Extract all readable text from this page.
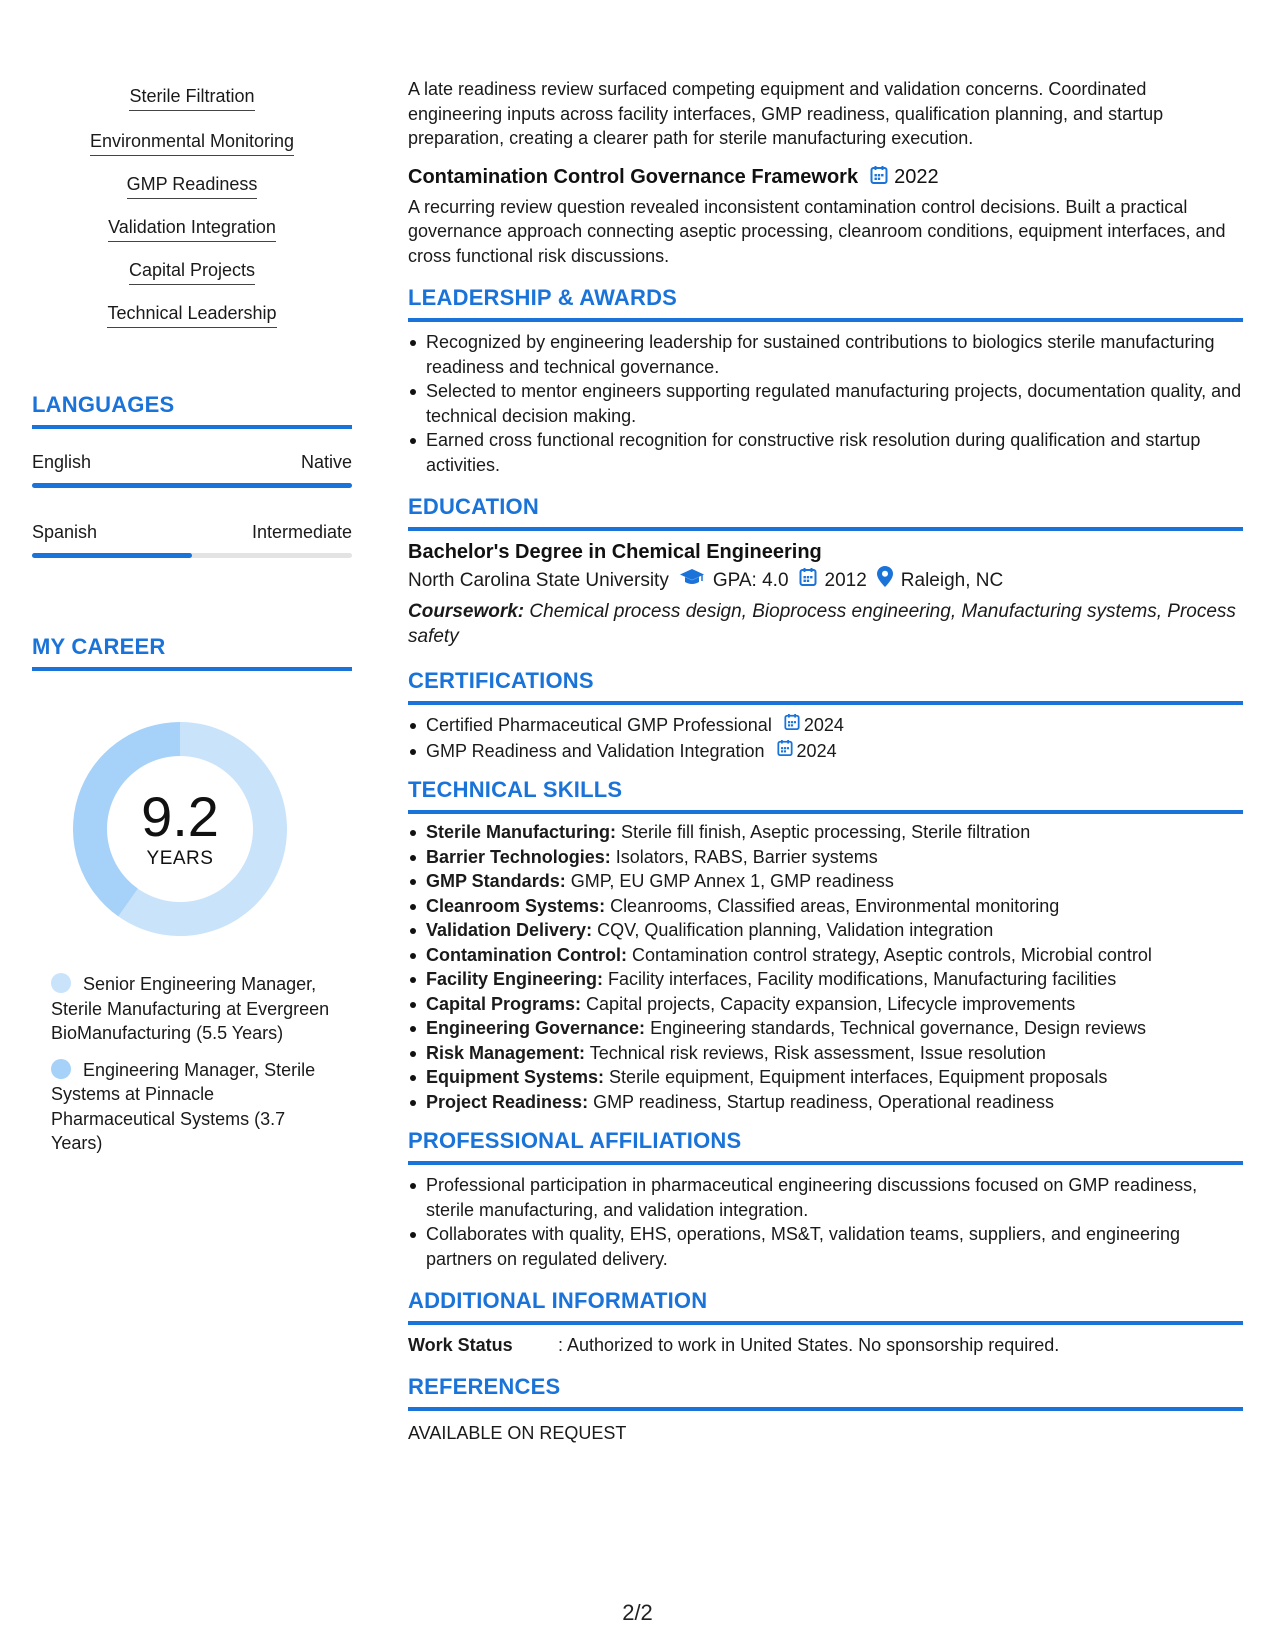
Sterile Filtration
Environmental Monitoring
GMP Readiness
Validation Integration
Capital Projects
Technical Leadership
LANGUAGES
English	Native
Spanish	Intermediate
MY CAREER
9.2
YEARS
Senior Engineering Manager, Sterile Manufacturing at Evergreen BioManufacturing (5.5 Years)
Engineering Manager, Sterile Systems at Pinnacle Pharmaceutical Systems (3.7 Years)
A late readiness review surfaced competing equipment and validation concerns. Coordinated engineering inputs across facility interfaces, GMP readiness, qualification planning, and startup preparation, creating a clearer path for sterile manufacturing execution.
Contamination Control Governance Framework 2022
A recurring review question revealed inconsistent contamination control decisions. Built a practical governance approach connecting aseptic processing, cleanroom conditions, equipment interfaces, and cross functional risk discussions.
LEADERSHIP & AWARDS
Recognized by engineering leadership for sustained contributions to biologics sterile manufacturing readiness and technical governance.
Selected to mentor engineers supporting regulated manufacturing projects, documentation quality, and technical decision making.
Earned cross functional recognition for constructive risk resolution during qualification and startup activities.
EDUCATION
Bachelor's Degree in Chemical Engineering
North Carolina State University GPA: 4.0 2012 Raleigh, NC
Coursework: Chemical process design, Bioprocess engineering, Manufacturing systems, Process safety
CERTIFICATIONS
Certified Pharmaceutical GMP Professional 2024
GMP Readiness and Validation Integration 2024
TECHNICAL SKILLS
Sterile Manufacturing: Sterile fill finish, Aseptic processing, Sterile filtration
Barrier Technologies: Isolators, RABS, Barrier systems
GMP Standards: GMP, EU GMP Annex 1, GMP readiness
Cleanroom Systems: Cleanrooms, Classified areas, Environmental monitoring
Validation Delivery: CQV, Qualification planning, Validation integration
Contamination Control: Contamination control strategy, Aseptic controls, Microbial control
Facility Engineering: Facility interfaces, Facility modifications, Manufacturing facilities
Capital Programs: Capital projects, Capacity expansion, Lifecycle improvements
Engineering Governance: Engineering standards, Technical governance, Design reviews
Risk Management: Technical risk reviews, Risk assessment, Issue resolution
Equipment Systems: Sterile equipment, Equipment interfaces, Equipment proposals
Project Readiness: GMP readiness, Startup readiness, Operational readiness
PROFESSIONAL AFFILIATIONS
Professional participation in pharmaceutical engineering discussions focused on GMP readiness, sterile manufacturing, and validation integration.
Collaborates with quality, EHS, operations, MS&T, validation teams, suppliers, and engineering partners on regulated delivery.
ADDITIONAL INFORMATION
Work Status	: Authorized to work in United States. No sponsorship required.
REFERENCES
AVAILABLE ON REQUEST
2/2
